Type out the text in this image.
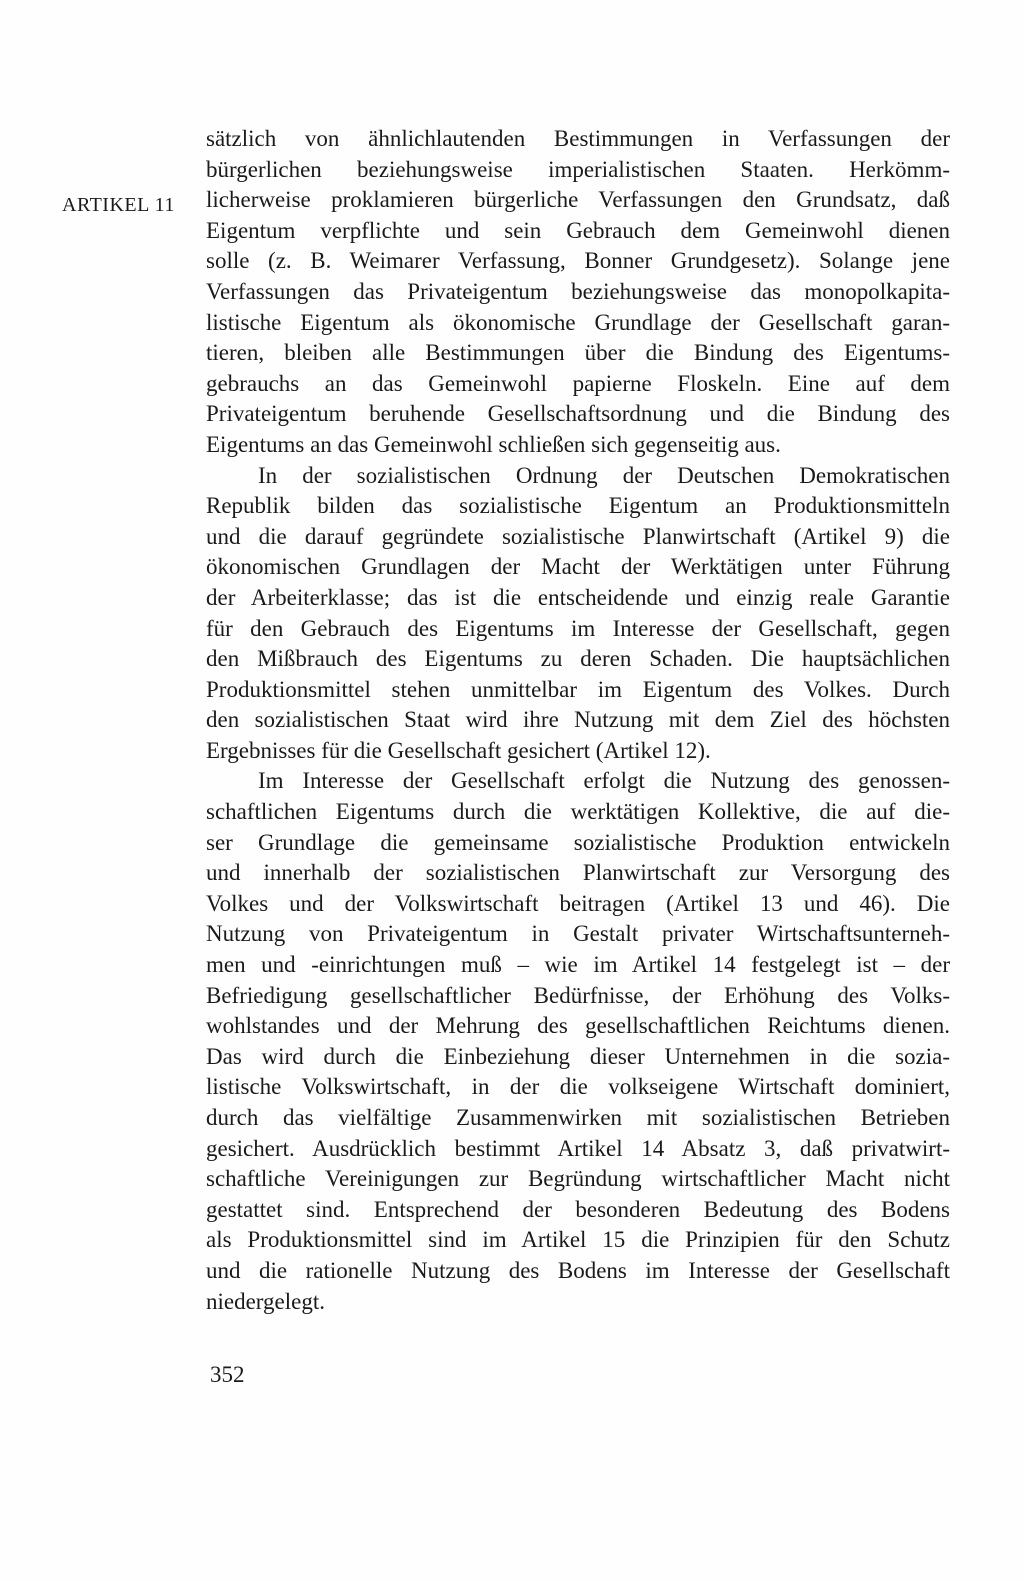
ARTIKEL 11
sätzlich von ähnlichlautenden Bestimmungen in Verfassungen der
bürgerlichen beziehungsweise imperialistischen Staaten. Herkömm-
licherweise proklamieren bürgerliche Verfassungen den Grundsatz, daß
Eigentum verpflichte und sein Gebrauch dem Gemeinwohl dienen
solle (z. B. Weimarer Verfassung, Bonner Grundgesetz). Solange jene
Verfassungen das Privateigentum beziehungsweise das monopolkapita-
listische Eigentum als ökonomische Grundlage der Gesellschaft garan-
tieren, bleiben alle Bestimmungen über die Bindung des Eigentums-
gebrauchs an das Gemeinwohl papierne Floskeln. Eine auf dem
Privateigentum beruhende Gesellschaftsordnung und die Bindung des
Eigentums an das Gemeinwohl schließen sich gegenseitig aus.
In der sozialistischen Ordnung der Deutschen Demokratischen
Republik bilden das sozialistische Eigentum an Produktionsmitteln
und die darauf gegründete sozialistische Planwirtschaft (Artikel 9) die
ökonomischen Grundlagen der Macht der Werktätigen unter Führung
der Arbeiterklasse; das ist die entscheidende und einzig reale Garantie
für den Gebrauch des Eigentums im Interesse der Gesellschaft, gegen
den Mißbrauch des Eigentums zu deren Schaden. Die hauptsächlichen
Produktionsmittel stehen unmittelbar im Eigentum des Volkes. Durch
den sozialistischen Staat wird ihre Nutzung mit dem Ziel des höchsten
Ergebnisses für die Gesellschaft gesichert (Artikel 12).
Im Interesse der Gesellschaft erfolgt die Nutzung des genossen-
schaftlichen Eigentums durch die werktätigen Kollektive, die auf die-
ser Grundlage die gemeinsame sozialistische Produktion entwickeln
und innerhalb der sozialistischen Planwirtschaft zur Versorgung des
Volkes und der Volkswirtschaft beitragen (Artikel 13 und 46). Die
Nutzung von Privateigentum in Gestalt privater Wirtschaftsunterneh-
men und -einrichtungen muß – wie im Artikel 14 festgelegt ist – der
Befriedigung gesellschaftlicher Bedürfnisse, der Erhöhung des Volks-
wohlstandes und der Mehrung des gesellschaftlichen Reichtums dienen.
Das wird durch die Einbeziehung dieser Unternehmen in die sozia-
listische Volkswirtschaft, in der die volkseigene Wirtschaft dominiert,
durch das vielfältige Zusammenwirken mit sozialistischen Betrieben
gesichert. Ausdrücklich bestimmt Artikel 14 Absatz 3, daß privatwirt-
schaftliche Vereinigungen zur Begründung wirtschaftlicher Macht nicht
gestattet sind. Entsprechend der besonderen Bedeutung des Bodens
als Produktionsmittel sind im Artikel 15 die Prinzipien für den Schutz
und die rationelle Nutzung des Bodens im Interesse der Gesellschaft
niedergelegt.
352
